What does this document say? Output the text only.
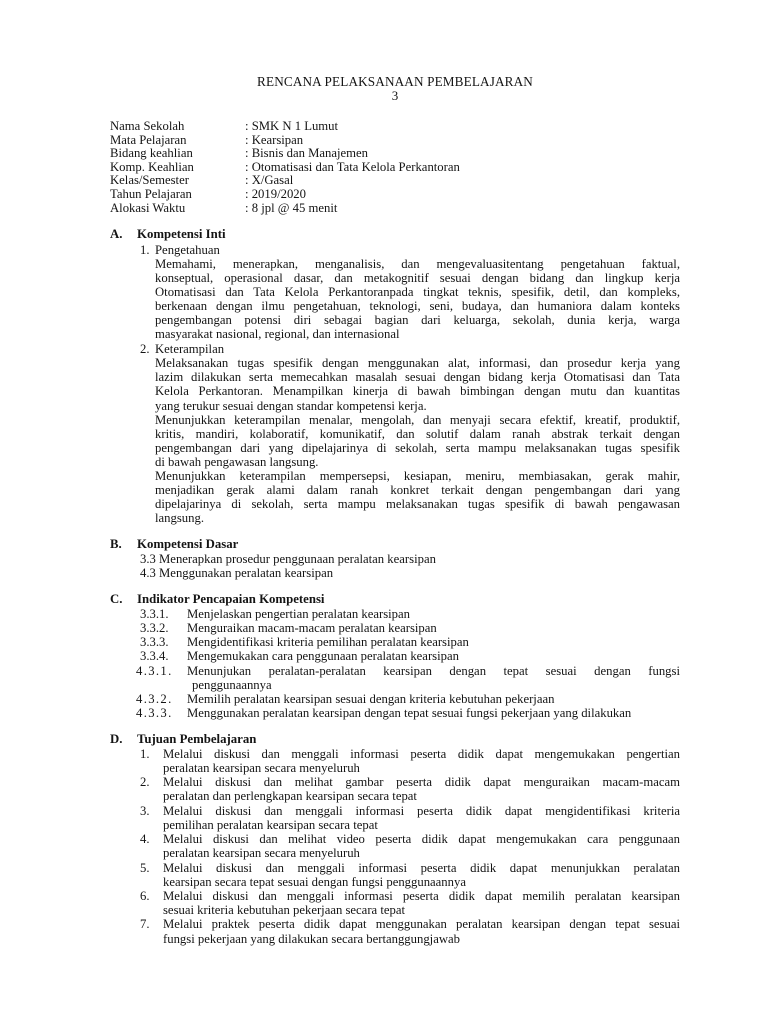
RENCANA PELAKSANAAN PEMBELAJARAN
3
Nama Sekolah	: SMK N 1 Lumut
Mata Pelajaran	: Kearsipan
Bidang keahlian	: Bisnis dan Manajemen
Komp. Keahlian	: Otomatisasi dan Tata Kelola Perkantoran
Kelas/Semester	: X/Gasal
Tahun Pelajaran	: 2019/2020
Alokasi Waktu	: 8 jpl @ 45 menit
A.	Kompetensi Inti
1. Pengetahuan
Memahami, menerapkan, menganalisis, dan mengevaluasitentang pengetahuan faktual,
konseptual, operasional dasar, dan metakognitif sesuai dengan bidang dan lingkup kerja
Otomatisasi dan Tata Kelola Perkantoranpada tingkat teknis, spesifik, detil, dan kompleks,
berkenaan dengan ilmu pengetahuan, teknologi, seni, budaya, dan humaniora dalam konteks
pengembangan potensi diri sebagai bagian dari keluarga, sekolah, dunia kerja, warga
masyarakat nasional, regional, dan internasional
2. Keterampilan
Melaksanakan tugas spesifik dengan menggunakan alat, informasi, dan prosedur kerja yang
lazim dilakukan serta memecahkan masalah sesuai dengan bidang kerja Otomatisasi dan Tata
Kelola Perkantoran. Menampilkan kinerja di bawah bimbingan dengan mutu dan kuantitas
yang terukur sesuai dengan standar kompetensi kerja.
Menunjukkan keterampilan menalar, mengolah, dan menyaji secara efektif, kreatif, produktif,
kritis, mandiri, kolaboratif, komunikatif, dan solutif dalam ranah abstrak terkait dengan
pengembangan dari yang dipelajarinya di sekolah, serta mampu melaksanakan tugas spesifik
di bawah pengawasan langsung.
Menunjukkan keterampilan mempersepsi, kesiapan, meniru, membiasakan, gerak mahir,
menjadikan gerak alami dalam ranah konkret terkait dengan pengembangan dari yang
dipelajarinya di sekolah, serta mampu melaksanakan tugas spesifik di bawah pengawasan
langsung.
B.	Kompetensi Dasar
3.3 Menerapkan prosedur penggunaan peralatan kearsipan
4.3 Menggunakan peralatan kearsipan
C.	Indikator Pencapaian Kompetensi
3.3.1.	Menjelaskan pengertian peralatan kearsipan
3.3.2.	Menguraikan macam-macam peralatan kearsipan
3.3.3.	Mengidentifikasi kriteria pemilihan peralatan kearsipan
3.3.4.	Mengemukakan cara penggunaan peralatan kearsipan
4.3.1.	Menunjukan peralatan-peralatan kearsipan dengan tepat sesuai dengan fungsi
penggunaannya
4.3.2.	Memilih peralatan kearsipan sesuai dengan kriteria kebutuhan pekerjaan
4.3.3.	Menggunakan peralatan kearsipan dengan tepat sesuai fungsi pekerjaan yang dilakukan
D.	Tujuan Pembelajaran
1.	Melalui diskusi dan menggali informasi peserta didik dapat mengemukakan pengertian
peralatan kearsipan secara menyeluruh
2.	Melalui diskusi dan melihat gambar peserta didik dapat menguraikan macam-macam
peralatan dan perlengkapan kearsipan secara tepat
3.	Melalui diskusi dan menggali informasi peserta didik dapat mengidentifikasi kriteria
pemilihan peralatan kearsipan secara tepat
4.	Melalui diskusi dan melihat video peserta didik dapat mengemukakan cara penggunaan
peralatan kearsipan secara menyeluruh
5.	Melalui diskusi dan menggali informasi peserta didik dapat menunjukkan peralatan
kearsipan secara tepat sesuai dengan fungsi penggunaannya
6.	Melalui diskusi dan menggali informasi peserta didik dapat memilih peralatan kearsipan
sesuai kriteria kebutuhan pekerjaan secara tepat
7.	Melalui praktek peserta didik dapat menggunakan peralatan kearsipan dengan tepat sesuai
fungsi pekerjaan yang dilakukan secara bertanggungjawab
